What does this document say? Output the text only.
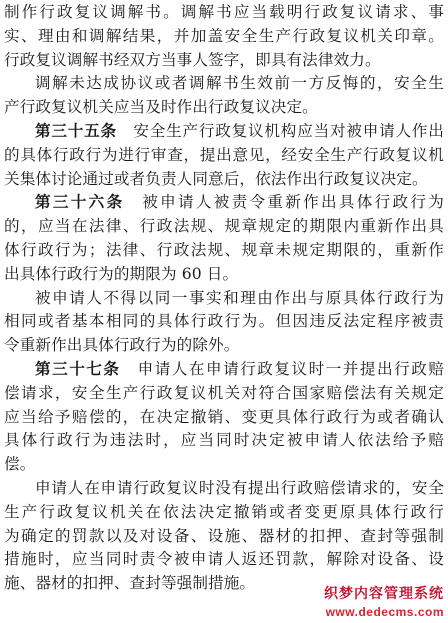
制作行政复议调解书。调解书应当载明行政复议请求、事
实、理由和调解结果，并加盖安全生产行政复议机关印章。
行政复议调解书经双方当事人签字，即具有法律效力。
调解未达成协议或者调解书生效前一方反悔的，安全生
产行政复议机关应当及时作出行政复议决定。
第三十五条　安全生产行政复议机构应当对被申请人作出
的具体行政行为进行审查，提出意见，经安全生产行政复议机
关集体讨论通过或者负责人同意后，依法作出行政复议决定。
第三十六条　被申请人被责令重新作出具体行政行为
的，应当在法律、行政法规、规章规定的期限内重新作出具
体行政行为；法律、行政法规、规章未规定期限的，重新作
出具体行政行为的期限为 60 日。
被申请人不得以同一事实和理由作出与原具体行政行为
相同或者基本相同的具体行政行为。但因违反法定程序被责
令重新作出具体行政行为的除外。
第三十七条　申请人在申请行政复议时一并提出行政赔
偿请求，安全生产行政复议机关对符合国家赔偿法有关规定
应当给予赔偿的，在决定撤销、变更具体行政行为或者确认
具体行政行为违法时，应当同时决定被申请人依法给予赔
偿。
申请人在申请行政复议时没有提出行政赔偿请求的，安全
生产行政复议机关在依法决定撤销或者变更原具体行政行
为确定的罚款以及对设备、设施、器材的扣押、查封等强制
措施时，应当同时责令被申请人返还罚款，解除对设备、设
施、器材的扣押、查封等强制措施。
织梦内容管理系统
www.dedecms.com
